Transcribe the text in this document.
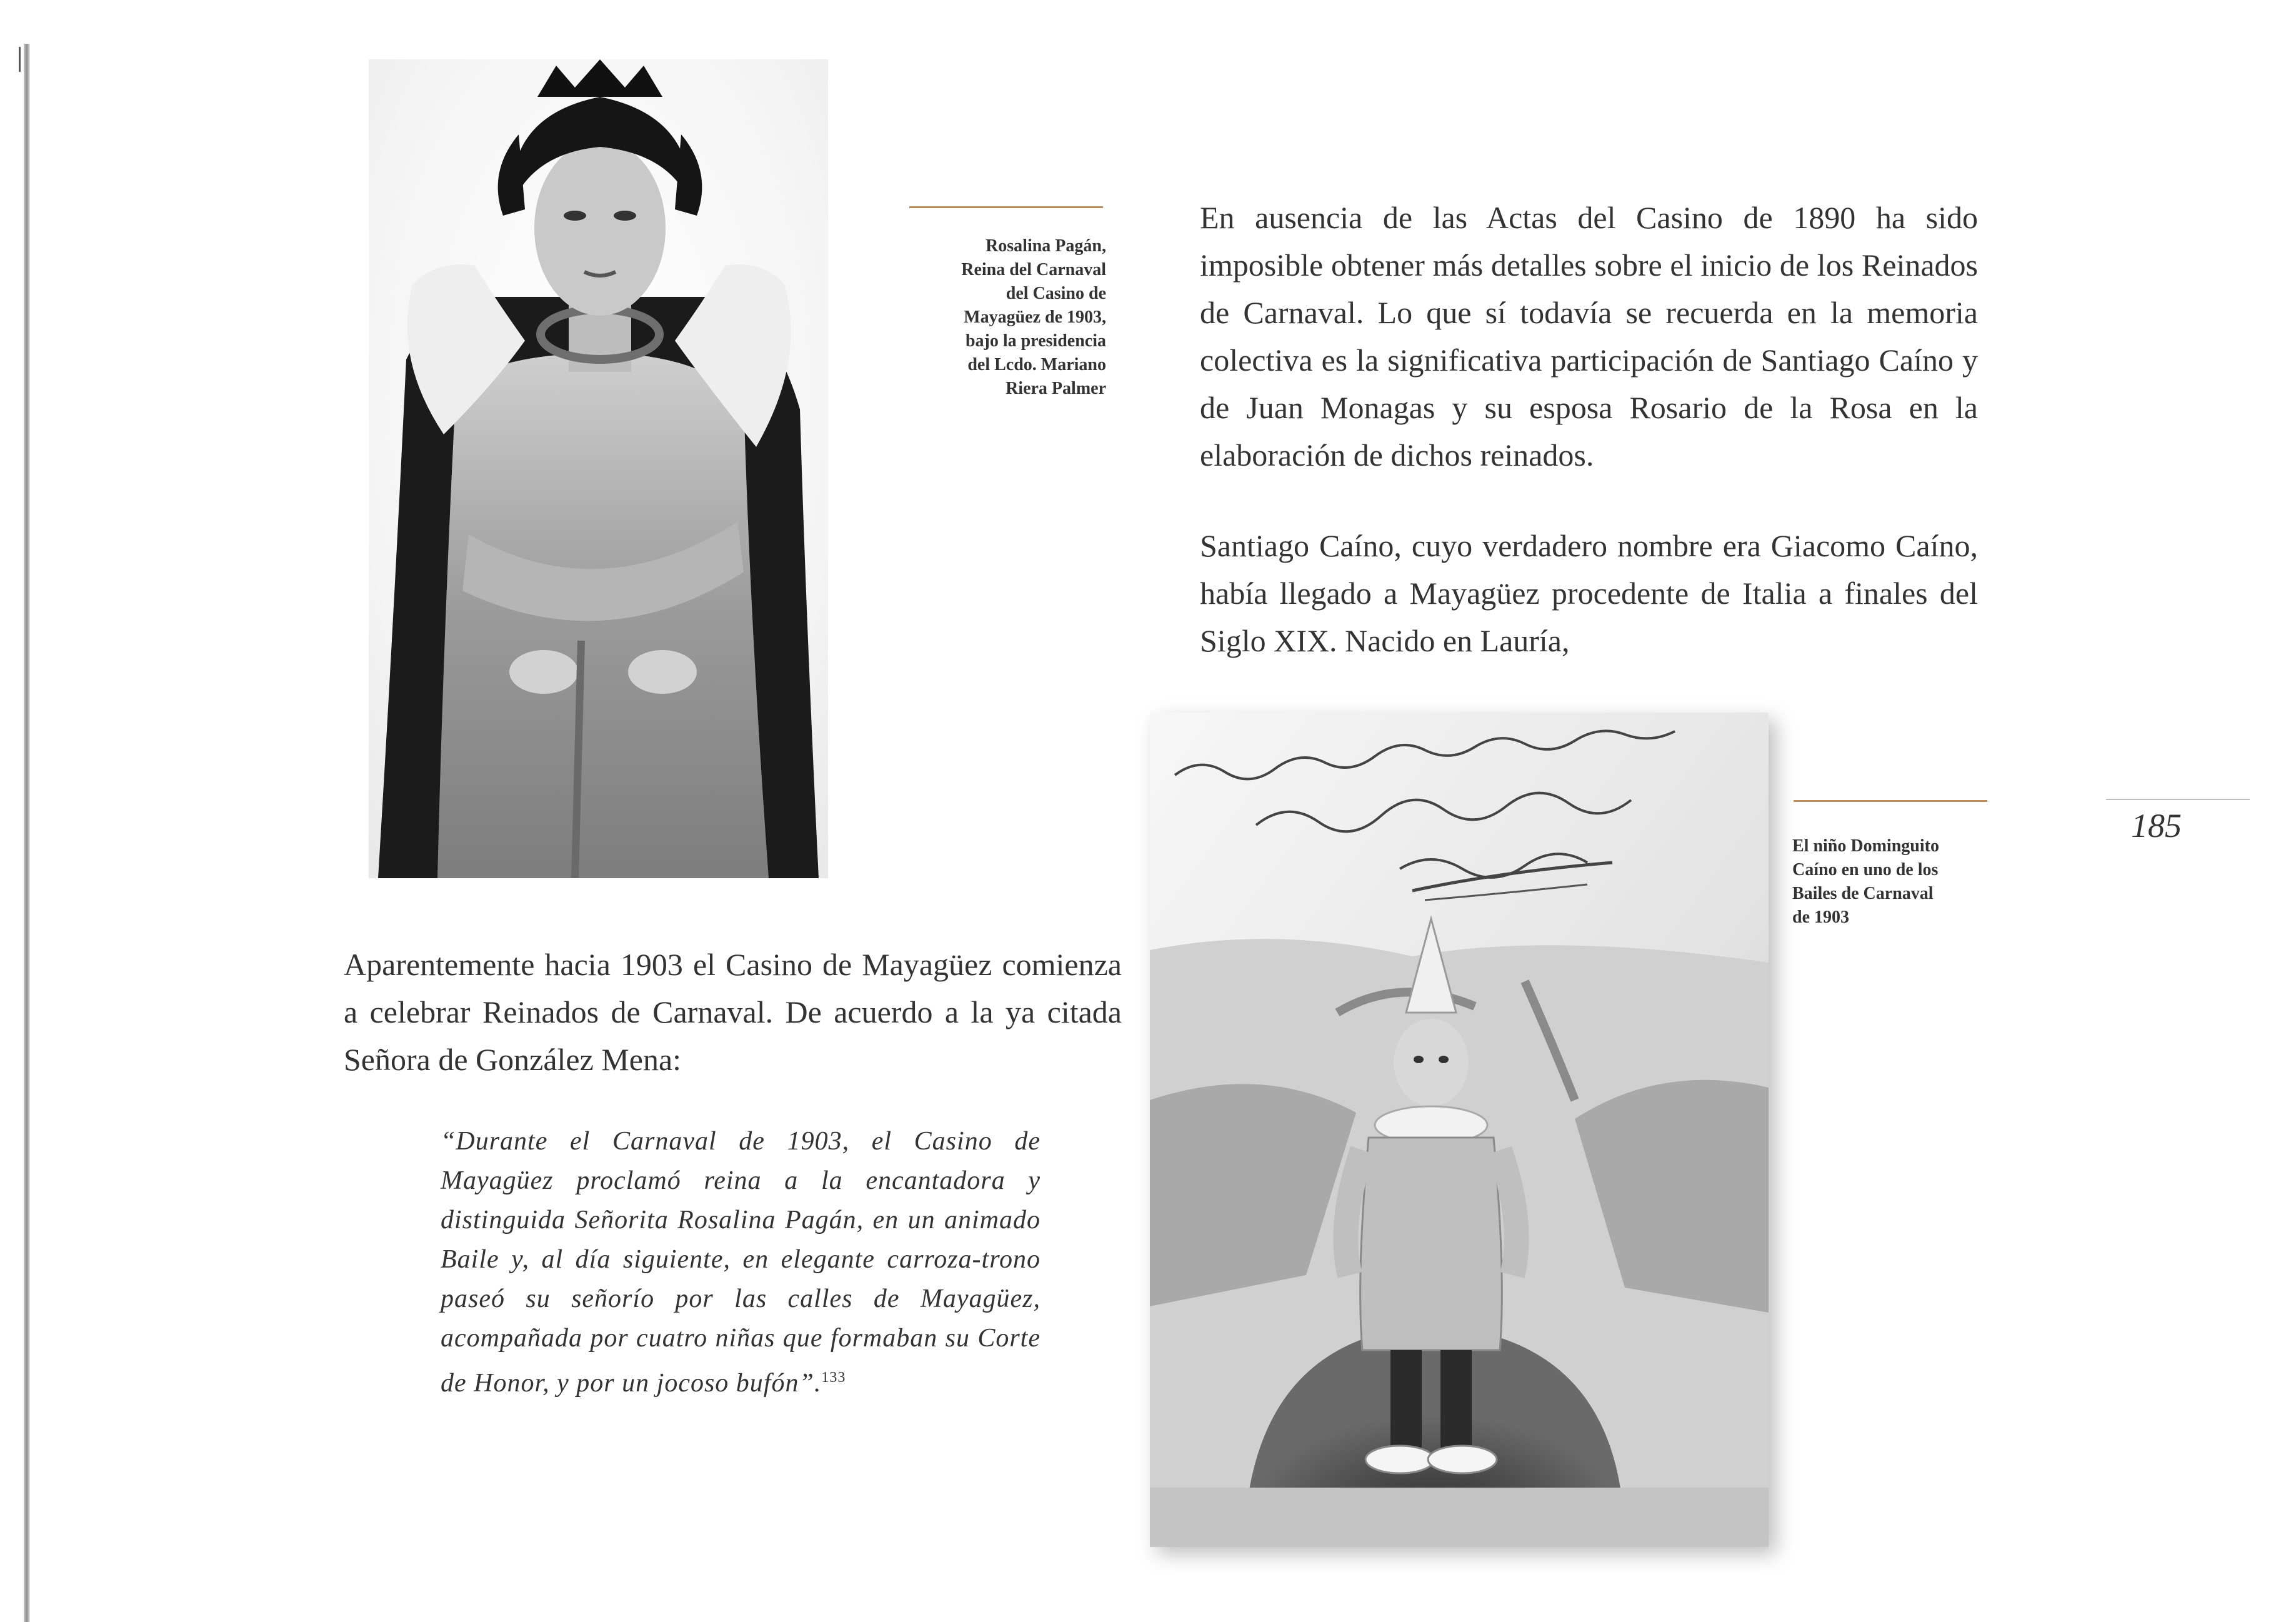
Rosalina Pagán,
Reina del Carnaval
del Casino de
Mayagüez de 1903,
bajo la presidencia
del Lcdo. Mariano
Riera Palmer

En ausencia de las Actas del Casino de 1890 ha sido imposible obtener más detalles sobre el inicio de los Reinados de Carnaval. Lo que sí todavía se recuerda en la memoria colectiva es la significativa participación de Santiago Caíno y de Juan Monagas y su esposa Rosario de la Rosa en la elaboración de dichos reinados.

Santiago Caíno, cuyo verdadero nombre era Giacomo Caíno, había llegado a Mayagüez procedente de Italia a finales del Siglo XIX. Nacido en Lauría,

El niño Dominguito
Caíno en uno de los
Bailes de Carnaval
de 1903
185

Aparentemente hacia 1903 el Casino de Mayagüez comienza a celebrar Reinados de Carnaval. De acuerdo a la ya citada Señora de González Mena:

“Durante el Carnaval de 1903, el Casino de Mayagüez proclamó reina a la encantadora y distinguida Señorita Rosalina Pagán, en un animado Baile y, al día siguiente, en elegante carroza-trono paseó su señorío por las calles de Mayagüez, acompañada por cuatro niñas que formaban su Corte de Honor, y por un jocoso bufón”.$^{133}$
